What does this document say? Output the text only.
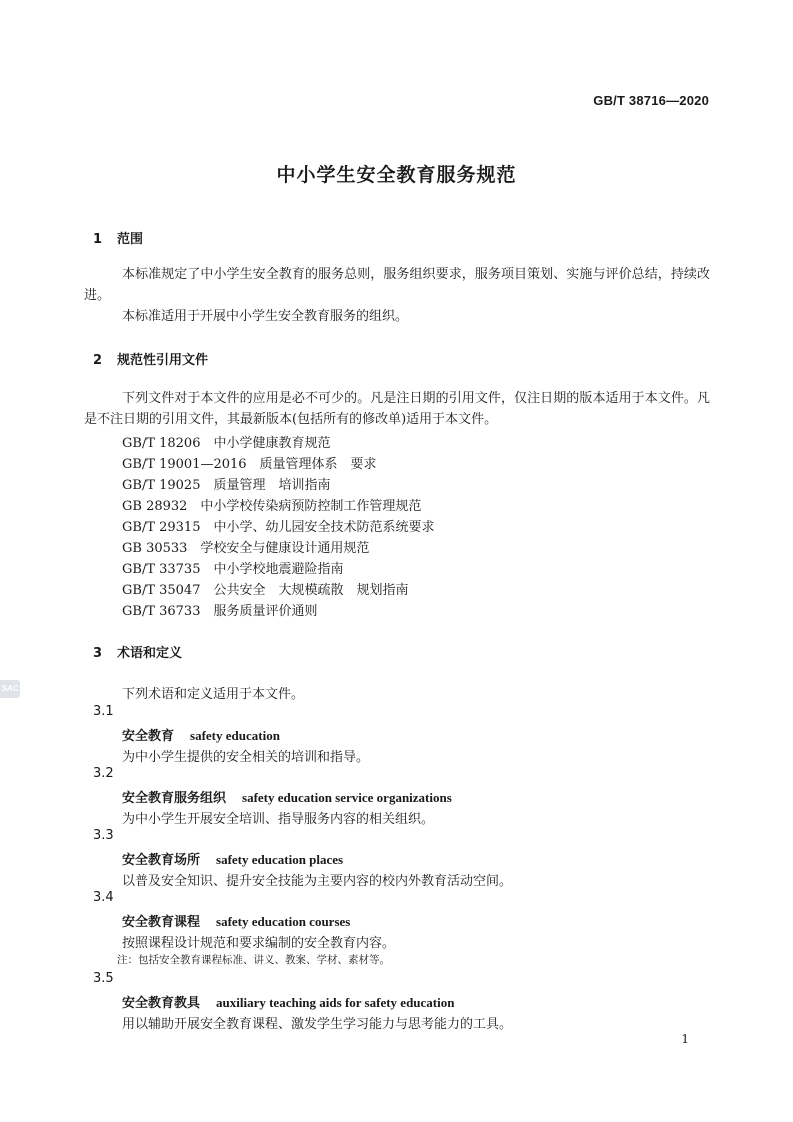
GB/T 38716—2020
中小学生安全教育服务规范
1 范围
本标准规定了中小学生安全教育的服务总则，服务组织要求，服务项目策划、实施与评价总结，持续改进。
本标准适用于开展中小学生安全教育服务的组织。
2 规范性引用文件
下列文件对于本文件的应用是必不可少的。凡是注日期的引用文件，仅注日期的版本适用于本文件。凡是不注日期的引用文件，其最新版本(包括所有的修改单)适用于本文件。
GB/T 18206　中小学健康教育规范
GB/T 19001—2016　质量管理体系　要求
GB/T 19025　质量管理　培训指南
GB 28932　中小学校传染病预防控制工作管理规范
GB/T 29315　中小学、幼儿园安全技术防范系统要求
GB 30533　学校安全与健康设计通用规范
GB/T 33735　中小学校地震避险指南
GB/T 35047　公共安全　大规模疏散　规划指南
GB/T 36733　服务质量评价通则
3 术语和定义
下列术语和定义适用于本文件。
3.1
安全教育 safety education
为中小学生提供的安全相关的培训和指导。
3.2
安全教育服务组织 safety education service organizations
为中小学生开展安全培训、指导服务内容的相关组织。
3.3
安全教育场所 safety education places
以普及安全知识、提升安全技能为主要内容的校内外教育活动空间。
3.4
安全教育课程 safety education courses
按照课程设计规范和要求编制的安全教育内容。
注：包括安全教育课程标准、讲义、教案、学材、素材等。
3.5
安全教育教具 auxiliary teaching aids for safety education
用以辅助开展安全教育课程、激发学生学习能力与思考能力的工具。
1
SAC
